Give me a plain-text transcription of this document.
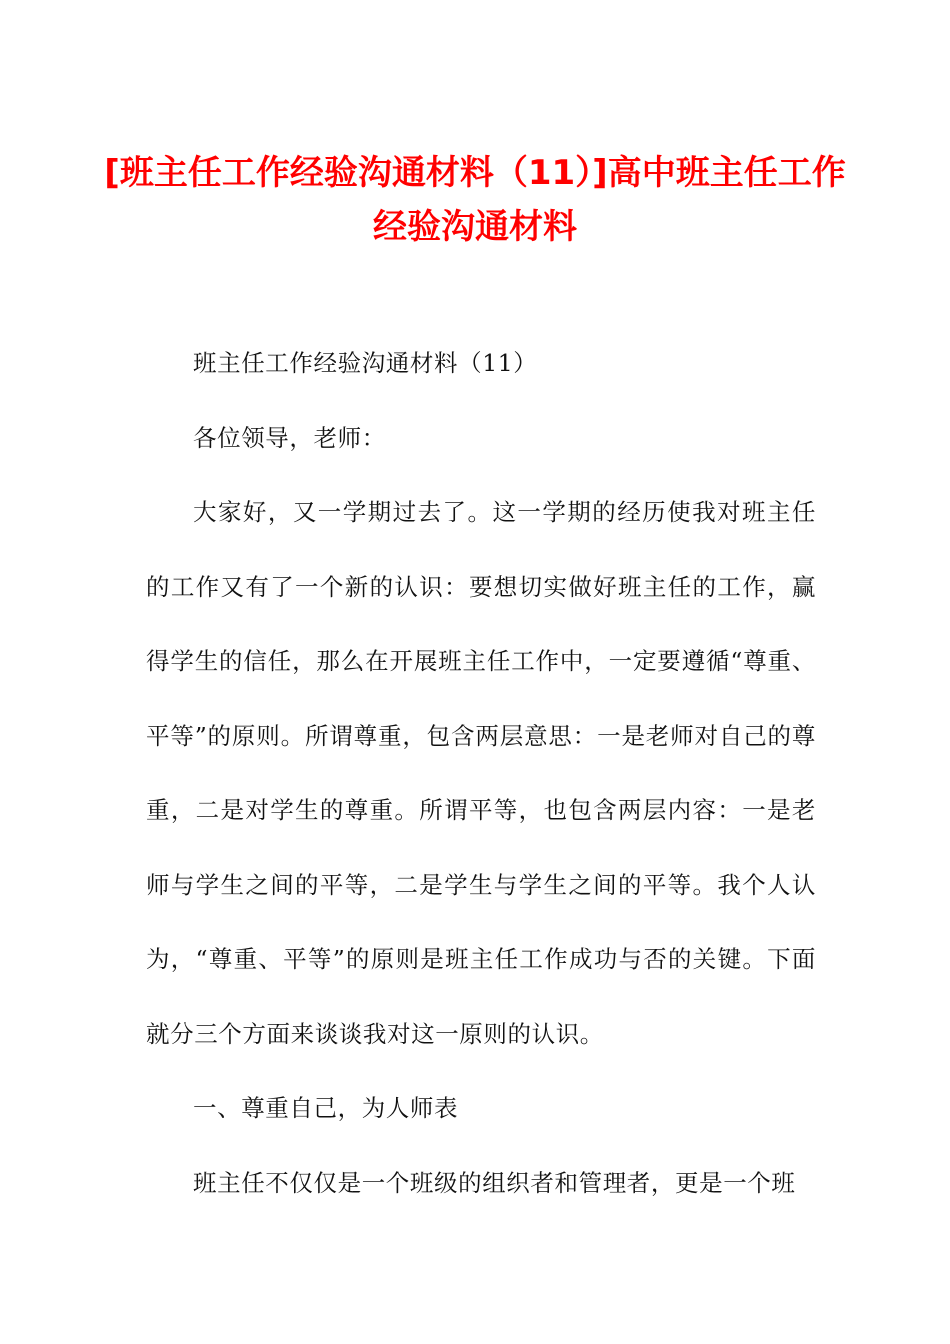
[班主任工作经验沟通材料（11）]高中班主任工作经验沟通材料

班主任工作经验沟通材料（11）

各位领导，老师：

大家好，又一学期过去了。这一学期的经历使我对班主任的工作又有了一个新的认识：要想切实做好班主任的工作，赢得学生的信任，那么在开展班主任工作中，一定要遵循“尊重、平等”的原则。所谓尊重，包含两层意思：一是老师对自己的尊重，二是对学生的尊重。所谓平等，也包含两层内容：一是老师与学生之间的平等，二是学生与学生之间的平等。我个人认为，“尊重、平等”的原则是班主任工作成功与否的关键。下面就分三个方面来谈谈我对这一原则的认识。

一、尊重自己，为人师表

班主任不仅仅是一个班级的组织者和管理者，更是一个班
